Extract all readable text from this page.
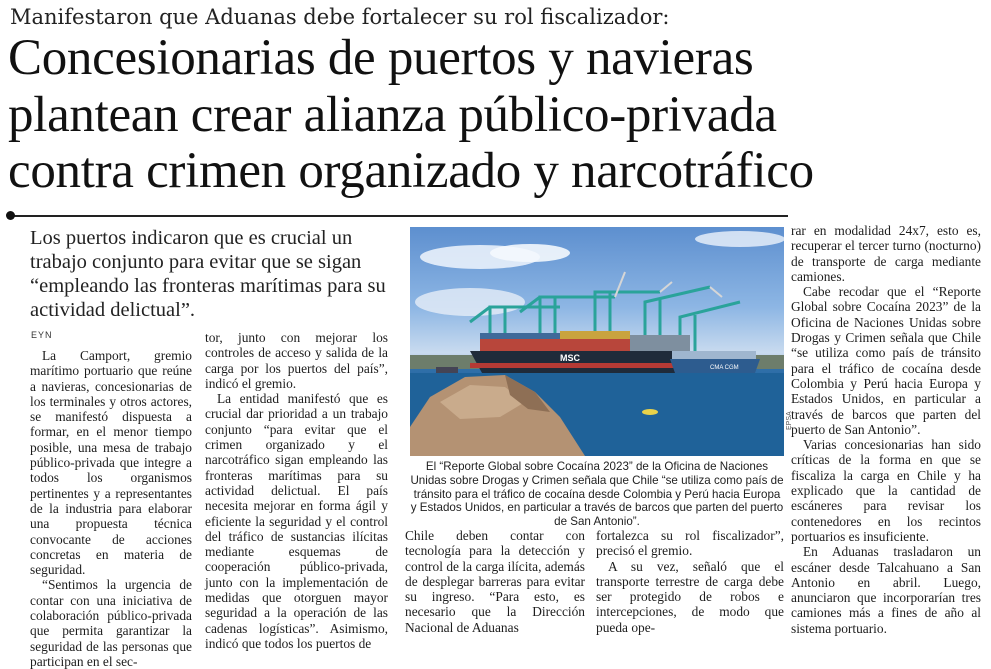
Manifestaron que Aduanas debe fortalecer su rol fiscalizador:
Concesionarias de puertos y navieras
plantean crear alianza público-privada
contra crimen organizado y narcotráfico
Los puertos indicaron que es crucial un trabajo conjunto para evitar que se sigan “empleando las fronteras marítimas para su actividad delictual”.
EYN

La Camport, gremio marítimo portuario que reúne a navieras, concesionarias de los terminales y otros actores, se manifestó dispuesta a formar, en el menor tiempo posible, una mesa de trabajo público-privada que integre a todos los organismos pertinentes y a representantes de la industria para elaborar una propuesta técnica convocante de acciones concretas en materia de seguridad.

“Sentimos la urgencia de contar con una iniciativa de colaboración público-privada que permita garantizar la seguridad de las personas que participan en el sec-

tor, junto con mejorar los controles de acceso y salida de la carga por los puertos del país”, indicó el gremio.

La entidad manifestó que es crucial dar prioridad a un trabajo conjunto “para evitar que el crimen organizado y el narcotráfico sigan empleando las fronteras marítimas para su actividad delictual. El país necesita mejorar en forma ágil y eficiente la seguridad y el control del tráfico de sustancias ilícitas mediante esquemas de cooperación público-privada, junto con la implementación de medidas que otorguen mayor seguridad a la operación de las cadenas logísticas”. Asimismo, indicó que todos los puertos de

MSC
CMA CGM
EPSA
El “Reporte Global sobre Cocaína 2023” de la Oficina de Naciones Unidas sobre Drogas y Crimen señala que Chile “se utiliza como país de tránsito para el tráfico de cocaína desde Colombia y Perú hacia Europa y Estados Unidos, en particular a través de barcos que parten del puerto de San Antonio”.

Chile deben contar con tecnología para la detección y control de la carga ilícita, además de desplegar barreras para evitar su ingreso. “Para esto, es necesario que la Dirección Nacional de Aduanas

fortalezca su rol fiscalizador”, precisó el gremio.

A su vez, señaló que el transporte terrestre de carga debe ser protegido de robos e intercepciones, de modo que pueda ope-

rar en modalidad 24x7, esto es, recuperar el tercer turno (nocturno) de transporte de carga mediante camiones.

Cabe recodar que el “Reporte Global sobre Cocaína 2023” de la Oficina de Naciones Unidas sobre Drogas y Crimen señala que Chile “se utiliza como país de tránsito para el tráfico de cocaína desde Colombia y Perú hacia Europa y Estados Unidos, en particular a través de barcos que parten del puerto de San Antonio”.

Varias concesionarias han sido críticas de la forma en que se fiscaliza la carga en Chile y ha explicado que la cantidad de escáneres para revisar los contenedores en los recintos portuarios es insuficiente.

En Aduanas trasladaron un escáner desde Talcahuano a San Antonio en abril. Luego, anunciaron que incorporarían tres camiones más a fines de año al sistema portuario.
